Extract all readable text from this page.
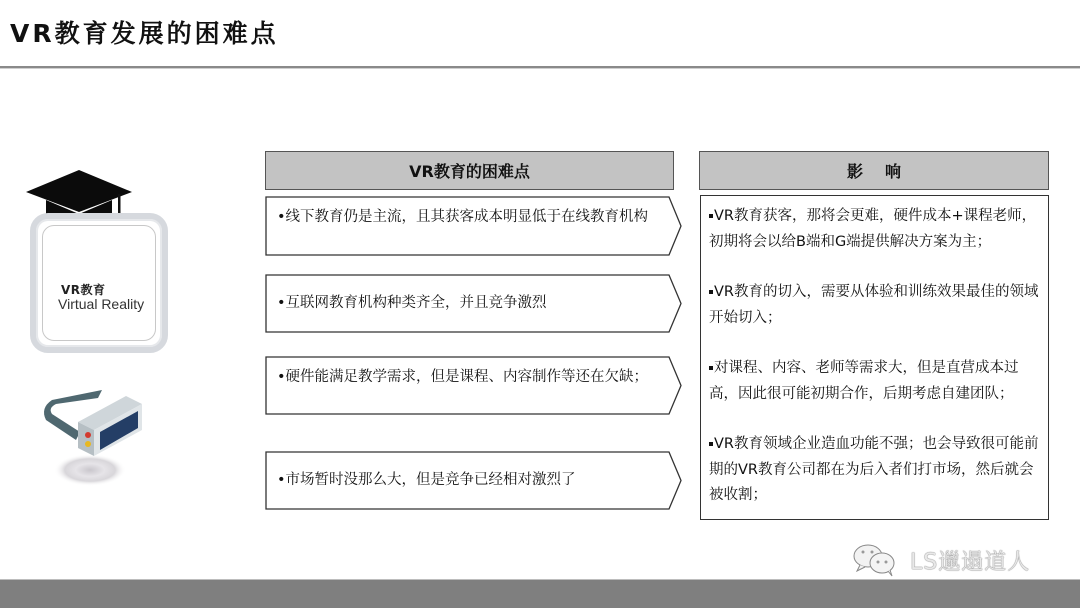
VR教育发展的困难点
VR教育
Virtual Reality
VR教育的困难点	影响
•线下教育仍是主流，且其获客成本明显低于在线教育机构
•互联网教育机构种类齐全，并且竞争激烈
•硬件能满足教学需求，但是课程、内容制作等还在欠缺；
•市场暂时没那么大，但是竞争已经相对激烈了
VR教育获客，那将会更难，硬件成本+课程老师，初期将会以给B端和G端提供解决方案为主；
VR教育的切入，需要从体验和训练效果最佳的领域开始切入；
对课程、内容、老师等需求大，但是直营成本过高，因此很可能初期合作，后期考虑自建团队；
VR教育领域企业造血功能不强；也会导致很可能前期的VR教育公司都在为后入者们打市场，然后就会被收割；
LS邋遢道人
